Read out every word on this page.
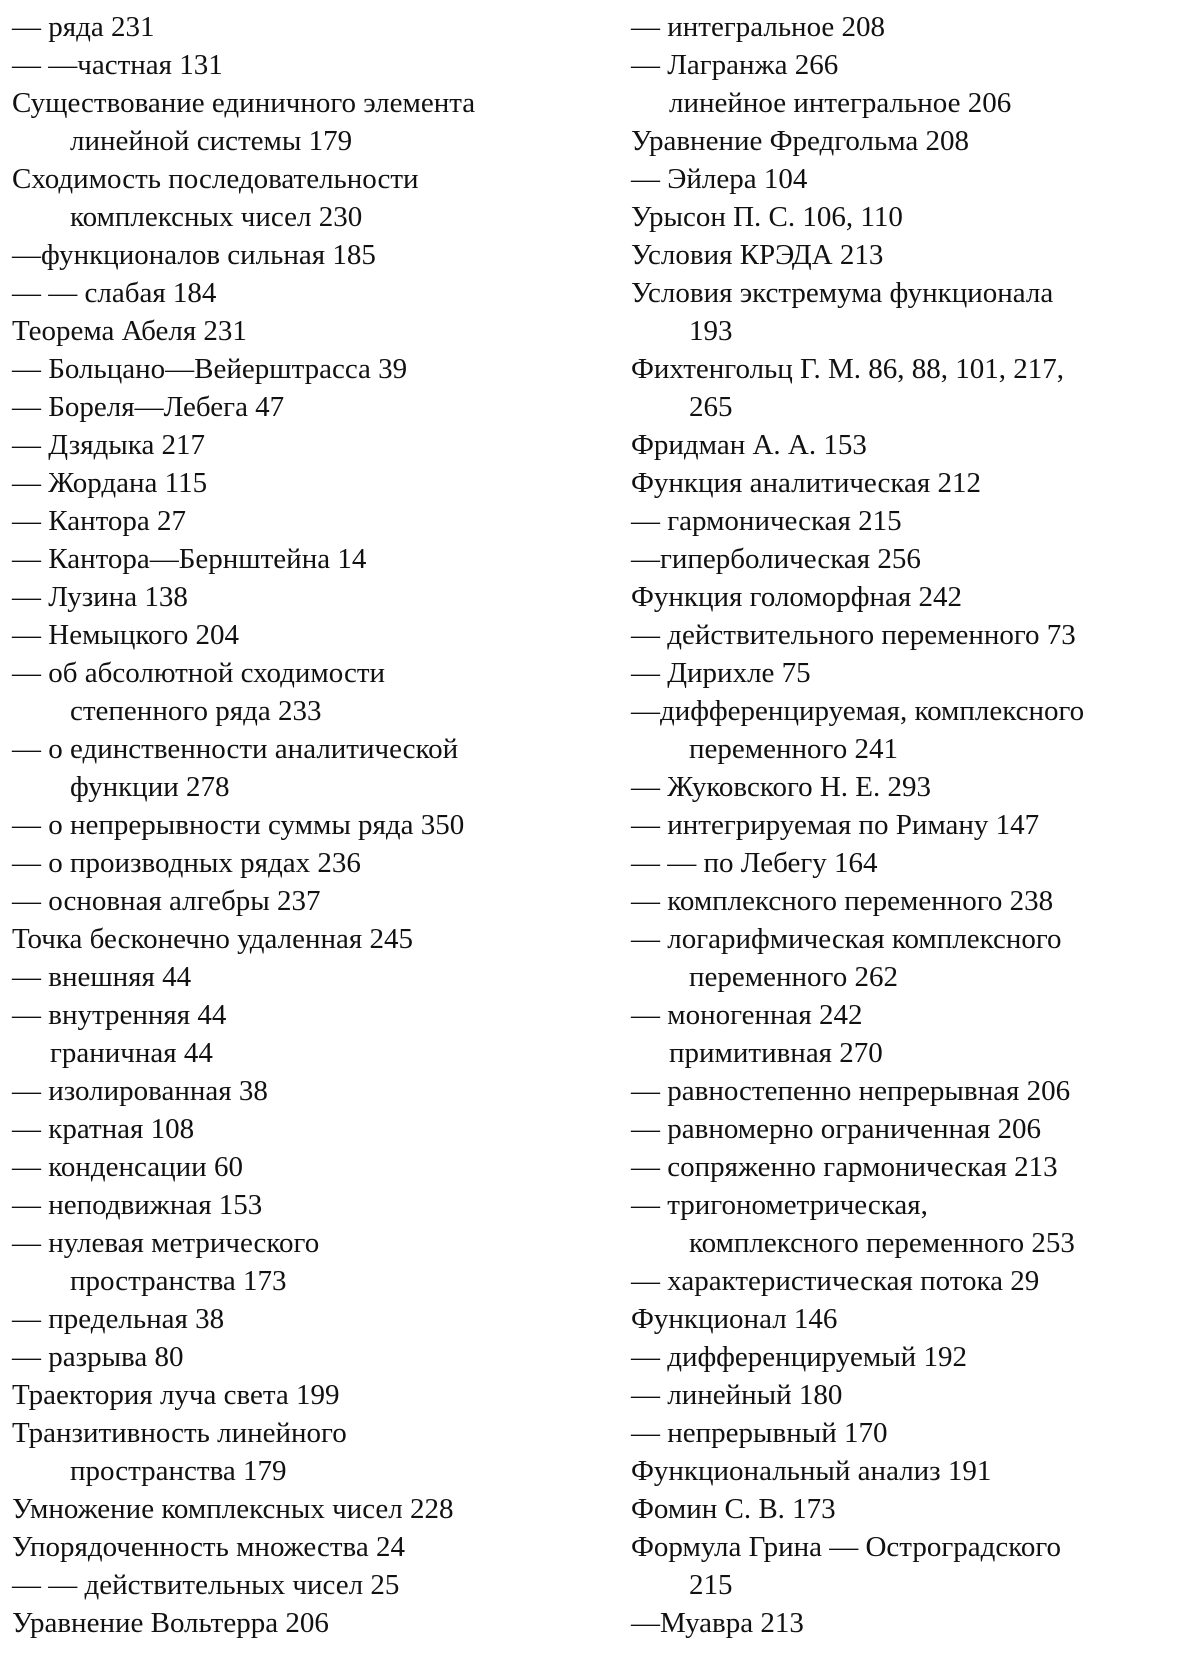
— ряда 231

— —частная 131

Существование единичного элемента

линейной системы 179

Сходимость последовательности

комплексных чисел 230

—функционалов сильная 185

— — слабая 184

Теорема Абеля 231

— Больцано—Вейерштрасса 39

— Бореля—Лебега 47

— Дзядыка 217

— Жордана 115

— Кантора 27

— Кантора—Бернштейна 14

— Лузина 138

— Немыцкого 204

— об абсолютной сходимости

степенного ряда 233

— о единственности аналитической

функции 278

— о непрерывности суммы ряда 350

— о производных рядах 236

— основная алгебры 237

Точка бесконечно удаленная 245

— внешняя 44

— внутренняя 44

граничная 44

— изолированная 38

— кратная 108

— конденсации 60

— неподвижная 153

— нулевая метрического

пространства 173

— предельная 38

— разрыва 80

Траектория луча света 199

Транзитивность линейного

пространства 179

Умножение комплексных чисел 228

Упорядоченность множества 24

— — действительных чисел 25

Уравнение Вольтерра 206

— интегральное 208

— Лагранжа 266

линейное интегральное 206

Уравнение Фредгольма 208

— Эйлера 104

Урысон П. С. 106, 110

Условия КРЭДА 213

Условия экстремума функционала

193

Фихтенгольц Г. М. 86, 88, 101, 217,

265

Фридман А. А. 153

Функция аналитическая 212

— гармоническая 215

—гиперболическая 256

Функция голоморфная 242

— действительного переменного 73

— Дирихле 75

—дифференцируемая, комплексного

переменного 241

— Жуковского Н. Е. 293

— интегрируемая по Риману 147

— — по Лебегу 164

— комплексного переменного 238

— логарифмическая комплексного

переменного 262

— моногенная 242

примитивная 270

— равностепенно непрерывная 206

— равномерно ограниченная 206

— сопряженно гармоническая 213

— тригонометрическая,

комплексного переменного 253

— характеристическая потока 29

Функционал 146

— дифференцируемый 192

— линейный 180

— непрерывный 170

Функциональный анализ 191

Фомин С. В. 173

Формула Грина — Остроградского

215

—Муавра 213
